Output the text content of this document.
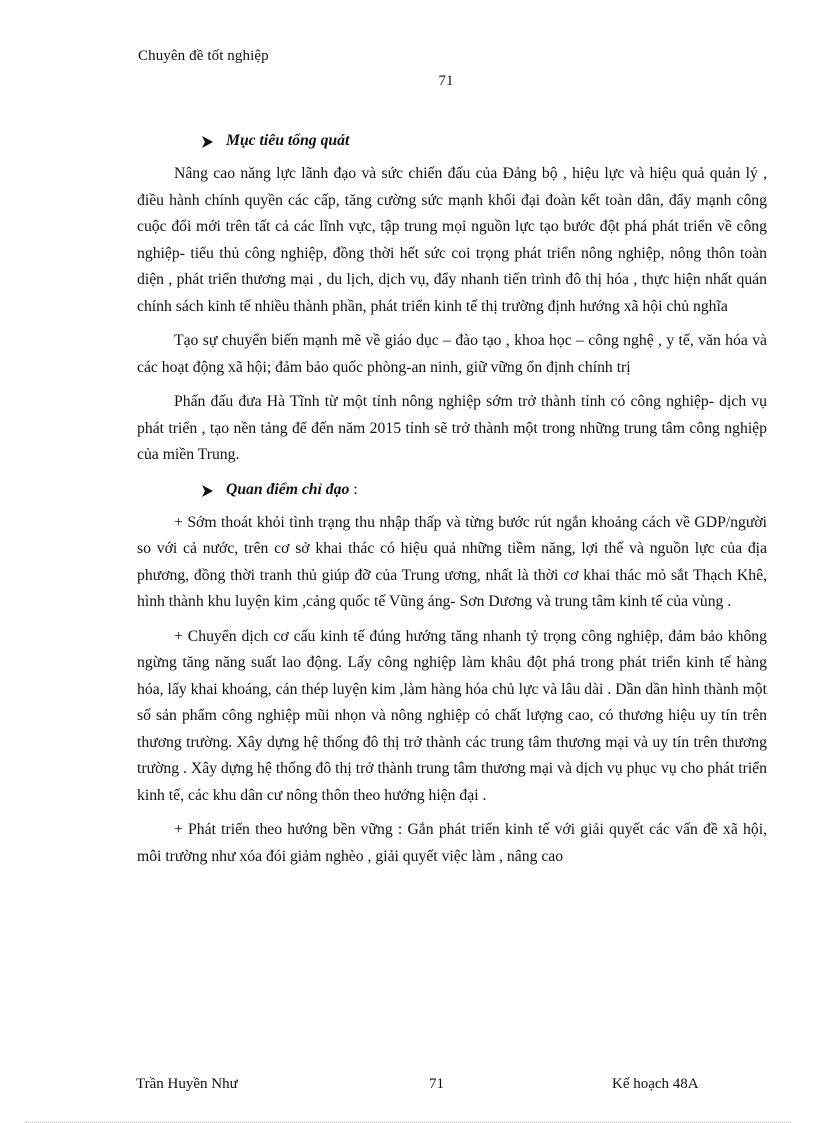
Chuyên đề tốt nghiệp
71
Mục tiêu tổng quát

Nâng cao năng lực lãnh đạo và sức chiến đấu của Đảng bộ , hiệu lực và hiệu quả quản lý , điều hành chính quyền các cấp, tăng cường sức mạnh khối đại đoàn kết toàn dân, đẩy mạnh công cuộc đổi mới trên tất cả các lĩnh vực, tập trung mọi nguồn lực tạo bước đột phá phát triển về công nghiệp- tiểu thủ công nghiệp, đồng thời hết sức coi trọng phát triển nông nghiệp, nông thôn toàn diện , phát triển thương mại , du lịch, dịch vụ, đẩy nhanh tiến trình đô thị hóa , thực hiện nhất quán chính sách kinh tế nhiều thành phần, phát triển kinh tế thị trường định hướng xã hội chủ nghĩa

Tạo sự chuyển biến mạnh mẽ về giáo dục – đào tạo , khoa học – công nghệ , y tế, văn hóa và các hoạt động xã hội; đảm bảo quốc phòng-an ninh, giữ vững ổn định chính trị

Phấn đấu đưa Hà Tĩnh từ một tỉnh nông nghiệp sớm trở thành tỉnh có công nghiệp- dịch vụ phát triển , tạo nền tảng để đến năm 2015 tỉnh sẽ trở thành một trong những trung tâm công nghiệp của miền Trung.

Quan điểm chỉ đạo :

+ Sớm thoát khỏi tình trạng thu nhập thấp và từng bước rút ngắn khoảng cách về GDP/người so với cả nước, trên cơ sở khai thác có hiệu quả những tiềm năng, lợi thế và nguồn lực của địa phương, đồng thời tranh thủ giúp đỡ của Trung ương, nhất là thời cơ khai thác mỏ sắt Thạch Khê, hình thành khu luyện kim ,cảng quốc tế Vũng áng- Sơn Dương và trung tâm kinh tế của vùng .

+ Chuyển dịch cơ cấu kinh tế đúng hướng tăng nhanh tỷ trọng công nghiệp, đảm bảo không ngừng tăng năng suất lao động. Lấy công nghiệp làm khâu đột phá trong phát triển kinh tế hàng hóa, lấy khai khoáng, cán thép luyện kim ,làm hàng hóa chủ lực và lâu dài . Dần dần hình thành một số sản phẩm công nghiệp mũi nhọn và nông nghiệp có chất lượng cao, có thương hiệu uy tín trên thương trường. Xây dựng hệ thống đô thị trở thành các trung tâm thương mại và uy tín trên thương trường . Xây dựng hệ thống đô thị trở thành trung tâm thương mại và dịch vụ phục vụ cho phát triển kinh tế, các khu dân cư nông thôn theo hướng hiện đại .

+ Phát triển theo hướng bền vững : Gắn phát triển kinh tế với giải quyết các vấn đề xã hội, môi trường như xóa đói giảm nghèo , giải quyết việc làm , nâng cao

Trần Huyền Như	71	Kế hoạch 48A
